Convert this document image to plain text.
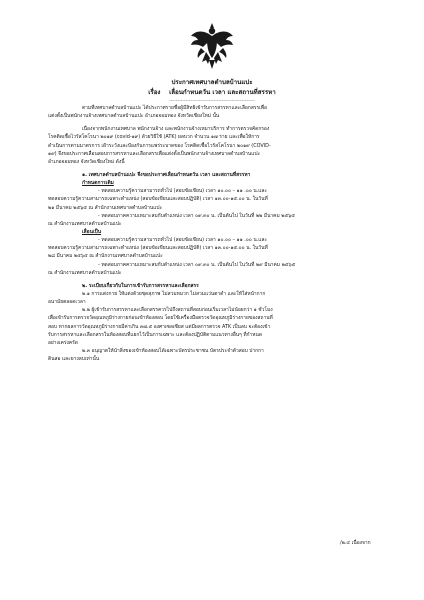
ประกาศเทศบาลตำบลบ้านแปะ
เรื่อง เลื่อนกำหนดวัน เวลา และสถานที่สรรหา
----------------------------------------------------
ตามที่เทศบาลตำบลบ้านแปะ ได้ประกาศรายชื่อผู้มีสิทธิเข้ารับการสรรหาและเลือกสรรเพื่อ
แต่งตั้งเป็นพนักงานจ้างเทศบาลตำบลบ้านแปะ อำเภอจอมทอง จังหวัดเชียงใหม่ นั้น
เนื่องจากพนักงานเทศบาล พนักงานจ้าง และพนักงานจ้างเหมาบริการ ทำการตรวจคัดกรอง
โรคติดเชื้อไวรัสโคโรนา ๒๐๑๙ (covid-๑๙) ด้วยวิธีใช้ (ATK) ผลบวก จำนวน ๑๗ ราย และเพื่อให้การ
ดำเนินการตามมาตรการ เฝ้าระวังและป้องกันการแพร่ระบาดของ โรคติดเชื้อไวรัสโคโรนา ๒๐๑๙ (COVID-
๑๙) จึงขอประกาศเลื่อนสอบการสรรหาและเลือกสรรเพื่อแต่งตั้งเป็นพนักงานจ้างเทศบาลตำบลบ้านแปะ
อำเภอจอมทอง จังหวัดเชียงใหม่ ดังนี้
๑. เทศบาลตำบลบ้านแปะ จึงขอประกาศเลื่อนกำหนดวัน เวลา และสถานที่สรรหา
กำหนดการเดิม
- ทดสอบความรู้ความสามารถทั่วไป (สอบข้อเขียน) เวลา ๑๐.๐๐ – ๑๑ .๐๐ น.และ
ทดสอบความรู้ความสามารถเฉพาะตำแหน่ง (สอบข้อเขียนและสอบปฏิบัติ) เวลา ๑๓.๐๐-๑๕.๐๐ น. ในวันที่
๒๑ มีนาคม ๒๕๖๕ ณ สำนักงานเทศบาลตำบลบ้านแปะ
- ทดสอบภาคความเหมาะสมกับตำแหน่ง เวลา ๐๙.๓๐ น. เป็นต้นไป ในวันที่ ๒๒ มีนาคม ๒๕๖๕
ณ สำนักงานเทศบาลตำบลบ้านแปะ
เลื่อนเป็น
- ทดสอบความรู้ความสามารถทั่วไป (สอบข้อเขียน) เวลา ๑๐.๐๐ – ๑๑ .๐๐ น.และ
ทดสอบความรู้ความสามารถเฉพาะตำแหน่ง (สอบข้อเขียนและสอบปฏิบัติ) เวลา ๑๓.๐๐-๑๕.๐๐ น. ในวันที่
๒๘ มีนาคม ๒๕๖๕ ณ สำนักงานเทศบาลตำบลบ้านแปะ
- ทดสอบภาคความเหมาะสมกับตำแหน่ง เวลา ๐๙.๓๐ น. เป็นต้นไป ในวันที่ ๒๙ มีนาคม ๒๕๖๕
ณ สำนักงานเทศบาลตำบลบ้านแปะ
๒. ระเบียบเกี่ยวกับในการเข้ารับการสรรหาและเลือกสรร
๒.๑ การแต่งกาย ให้แต่งด้วยชุดสุภาพ ไม่สวมหมวก ไม่สวมแว่นตาดำ และให้ใส่หน้ากาก
อนามัยตลอดเวลา
๒.๒ ผู้เข้ารับการสรรหาและเลือกสรรควรไปถึงสถานที่สอบก่อนเริ่มเวลาไม่น้อยกว่า ๑ ชั่วโมง
เพื่อเข้ารับการตรวจวัดอุณหภูมิร่างกายก่อนเข้าห้องสอบ โดยใช้เครื่องมือตรวจวัดอุณหภูมิร่างกายของสถานที่
สอบ หากผลการวัดอุณหภูมิร่างกายมีค่าเกิน ๓๗.๕ องศาเซลเซียส แต่มีผลการตรวจ ATK เป็นลบ จะต้องเข้า
รับการสรรหาและเลือกสรรในห้องสอบที่แยกไว้เป็นการเฉพาะ และต้องปฏิบัติตามแนวทางอื่นๆ ที่กำหนด
อย่างเคร่งครัด
๒.๓ อนุญาตให้นำสิ่งของเข้าห้องสอบได้เฉพาะบัตรประชาชน บัตรประจำตัวสอบ ปากกา
ดินสอ และยางลบเท่านั้น
/๒.๔ เนื่องจาก
